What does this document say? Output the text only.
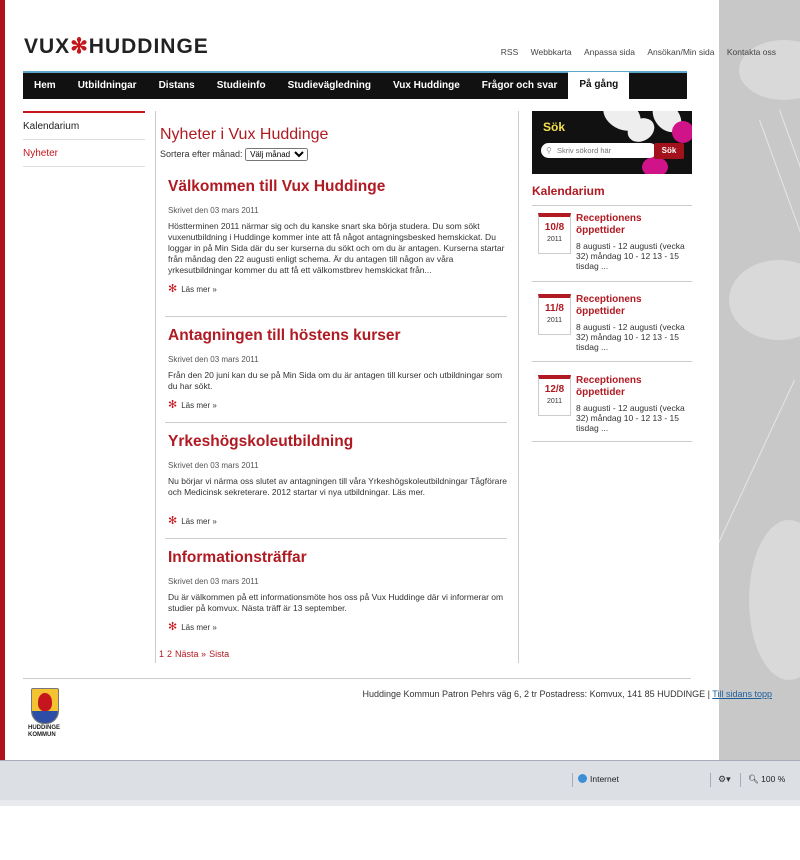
VUX✻HUDDINGE	RSS Webbkarta Anpassa sida Ansökan/Min sida Kontakta oss
Hem	Utbildningar	Distans	Studieinfo	Studievägledning	Vux Huddinge	Frågor och svar	På gång
Kalendarium
Nyheter
Nyheter i Vux Huddinge
Sortera efter månad:
Välj månad
Välkommen till Vux Huddinge
Skrivet den 03 mars 2011
Höstterminen 2011 närmar sig och du kanske snart ska börja studera. Du som sökt vuxenutbildning i Huddinge kommer inte att få något antagningsbesked hemskickat. Du loggar in på Min Sida där du ser kurserna du sökt och om du är antagen. Kurserna startar från måndag den 22 augusti enligt schema. Är du antagen till någon av våra yrkesutbildningar kommer du att få ett välkomstbrev hemskickat från...
✻ Läs mer »
Antagningen till höstens kurser
Skrivet den 03 mars 2011
Från den 20 juni kan du se på Min Sida om du är antagen till kurser och utbildningar som du har sökt.
✻ Läs mer »
Yrkeshögskoleutbildning
Skrivet den 03 mars 2011
Nu börjar vi närma oss slutet av antagningen till våra Yrkeshögskoleutbildningar Tågförare och Medicinsk sekreterare. 2012 startar vi nya utbildningar. Läs mer.
✻ Läs mer »
Informationsträffar
Skrivet den 03 mars 2011
Du är välkommen på ett informationsmöte hos oss på Vux Huddinge där vi informerar om studier på komvux. Nästa träff är 13 september.
✻ Läs mer »
1 2 Nästa » Sista
Sök
Skriv sökord här
⚲	Sök
Kalendarium
10/8
2011
Receptionens öppettider
8 augusti - 12 augusti (vecka 32) måndag 10 - 12 13 - 15 tisdag ...
11/8
2011
Receptionens öppettider
8 augusti - 12 augusti (vecka 32) måndag 10 - 12 13 - 15 tisdag ...
12/8
2011
Receptionens öppettider
8 augusti - 12 augusti (vecka 32) måndag 10 - 12 13 - 15 tisdag ...
HUDDINGE KOMMUN
Huddinge Kommun Patron Pehrs väg 6, 2 tr Postadress: Komvux, 141 85 HUDDINGE | Till sidans topp
Internet	⚙▾ 🔍︎ 100 %
